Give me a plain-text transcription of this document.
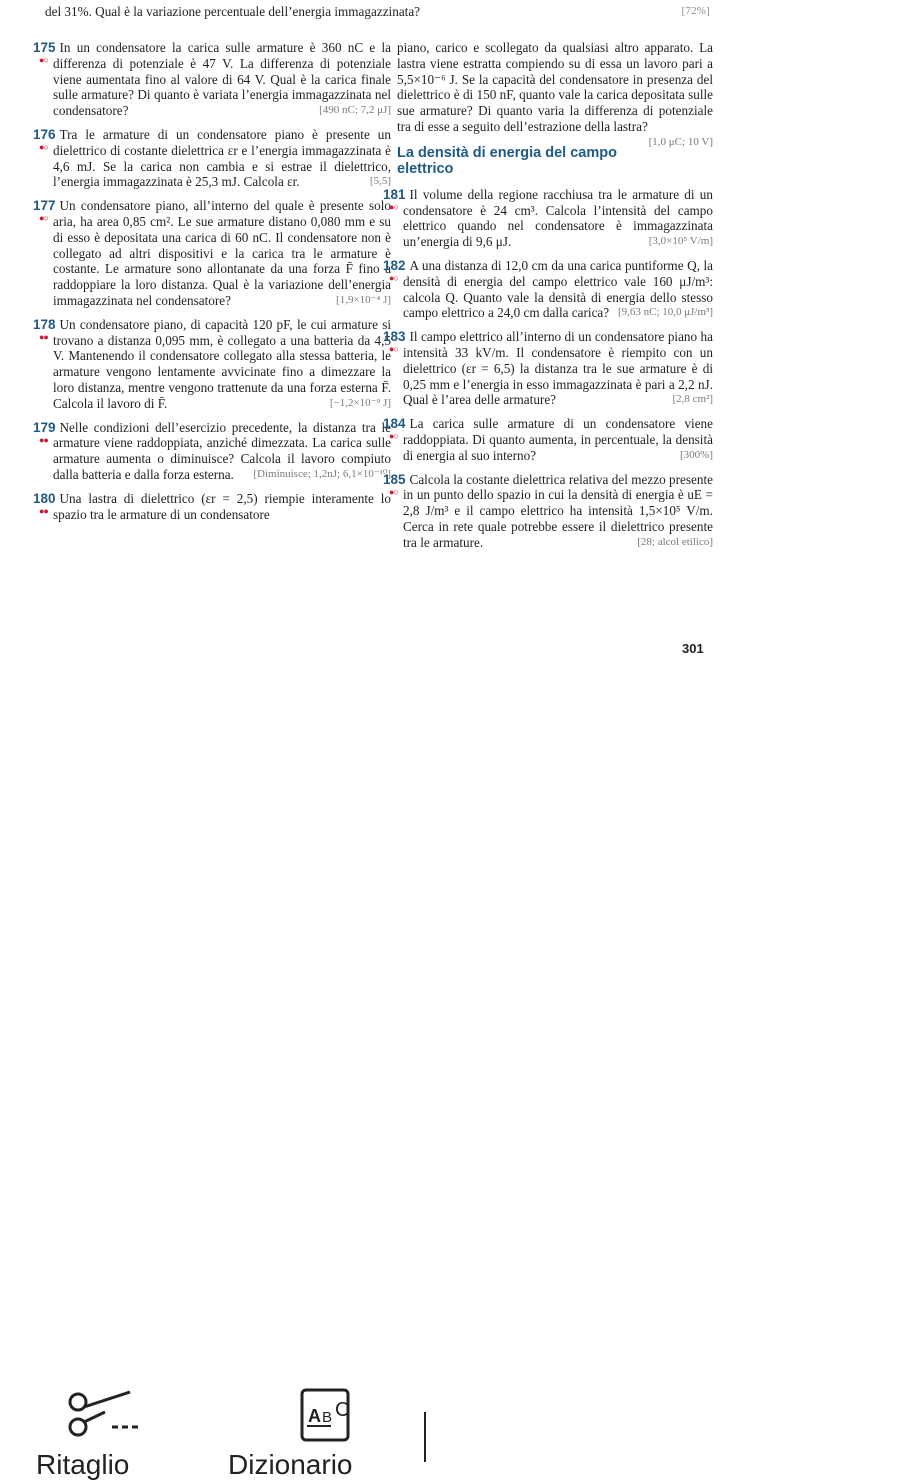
del 31%. Qual è la variazione percentuale dell’energia immagazzinata?	[72%]
175 In un condensatore la carica sulle armature è 360 nC e la differenza di potenziale è 47 V. La differenza di potenziale viene aumentata fino al valore di 64 V. Qual è la carica finale sulle armature? Di quanto è variata l’energia immagazzinata nel condensatore?	[490 nC; 7,2 μJ]
●○
176 Tra le armature di un condensatore piano è presente un dielettrico di costante dielettrica εr e l’energia immagazzinata è 4,6 mJ. Se la carica non cambia e si estrae il dielettrico, l’energia immagazzinata è 25,3 mJ. Calcola εr.	[5,5]
●○
177 Un condensatore piano, all’interno del quale è presente solo aria, ha area 0,85 cm². Le sue armature distano 0,080 mm e su di esso è depositata una carica di 60 nC. Il condensatore non è collegato ad altri dispositivi e la carica tra le armature è costante. Le armature sono allontanate da una forza F̄ fino a raddoppiare la loro distanza. Qual è la variazione dell’energia immagazzinata nel condensatore?	[1,9×10⁻⁴ J]
●○
178 Un condensatore piano, di capacità 120 pF, le cui armature si trovano a distanza 0,095 mm, è collegato a una batteria da 4,5 V. Mantenendo il condensatore collegato alla stessa batteria, le armature vengono lentamente avvicinate fino a dimezzare la loro distanza, mentre vengono trattenute da una forza esterna F̄. Calcola il lavoro di F̄.	[−1,2×10⁻⁹ J]
●●
179 Nelle condizioni dell’esercizio precedente, la distanza tra le armature viene raddoppiata, anziché dimezzata. La carica sulle armature aumenta o diminuisce? Calcola il lavoro compiuto dalla batteria e dalla forza esterna. [Diminuisce; 1,2nJ; 6,1×10⁻¹⁰]
●●
180 Una lastra di dielettrico (εr = 2,5) riempie interamente lo spazio tra le armature di un condensatore
●●
piano, carico e scollegato da qualsiasi altro apparato. La lastra viene estratta compiendo su di essa un lavoro pari a 5,5×10⁻⁶ J. Se la capacità del condensatore in presenza del dielettrico è di 150 nF, quanto vale la carica depositata sulle sue armature? Di quanto varia la differenza di potenziale tra di esse a seguito dell’estrazione della lastra?
[1,0 μC; 10 V]
La densità di energia del campo elettrico
181 Il volume della regione racchiusa tra le armature di un condensatore è 24 cm³. Calcola l’intensità del campo elettrico quando nel condensatore è immagazzinata un’energia di 9,6 μJ.	[3,0×10⁵ V/m]
●○
182 A una distanza di 12,0 cm da una carica puntiforme Q, la densità di energia del campo elettrico vale 160 μJ/m³: calcola Q. Quanto vale la densità di energia dello stesso campo elettrico a 24,0 cm dalla carica? [9,63 nC; 10,0 μJ/m³]
●○
183 Il campo elettrico all’interno di un condensatore piano ha intensità 33 kV/m. Il condensatore è riempito con un dielettrico (εr = 6,5) la distanza tra le sue armature è di 0,25 mm e l’energia in esso immagazzinata è pari a 2,2 nJ. Qual è l’area delle armature?	[2,8 cm²]
●○
184 La carica sulle armature di un condensatore viene raddoppiata. Di quanto aumenta, in percentuale, la densità di energia al suo interno?	[300%]
●○
185 Calcola la costante dielettrica relativa del mezzo presente in un punto dello spazio in cui la densità di energia è uE = 2,8 J/m³ e il campo elettrico ha intensità 1,5×10⁵ V/m. Cerca in rete quale potrebbe essere il dielettrico presente tra le armature.	[28; alcol etilico]
●○
301
A B C
Ritaglio	Dizionario
